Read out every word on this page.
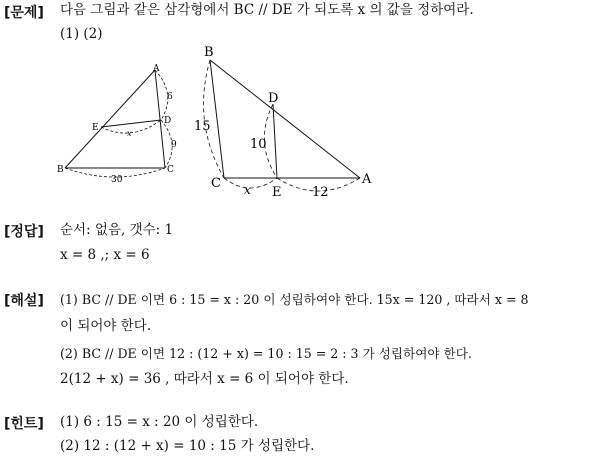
[문제] 다음 그림과 같은 삼각형에서 BC // DE 가 되도록 x 의 값을 정하여라.
(1) (2)
A
D
E
B	C
6
9
x
30
B
D
C
E
A
15
10
x	12
[정답] 순서: 없음, 갯수: 1
x = 8 ,; x = 6
[해설] (1) BC // DE 이면 6 : 15 = x : 20 이 성립하여야 한다. 15x = 120 , 따라서 x = 8
이 되어야 한다.
(2) BC // DE 이면 12 : (12 + x) = 10 : 15 = 2 : 3 가 성립하여야 한다.
2(12 + x) = 36 , 따라서 x = 6 이 되어야 한다.
[힌트] (1) 6 : 15 = x : 20 이 성립한다.
(2) 12 : (12 + x) = 10 : 15 가 성립한다.
